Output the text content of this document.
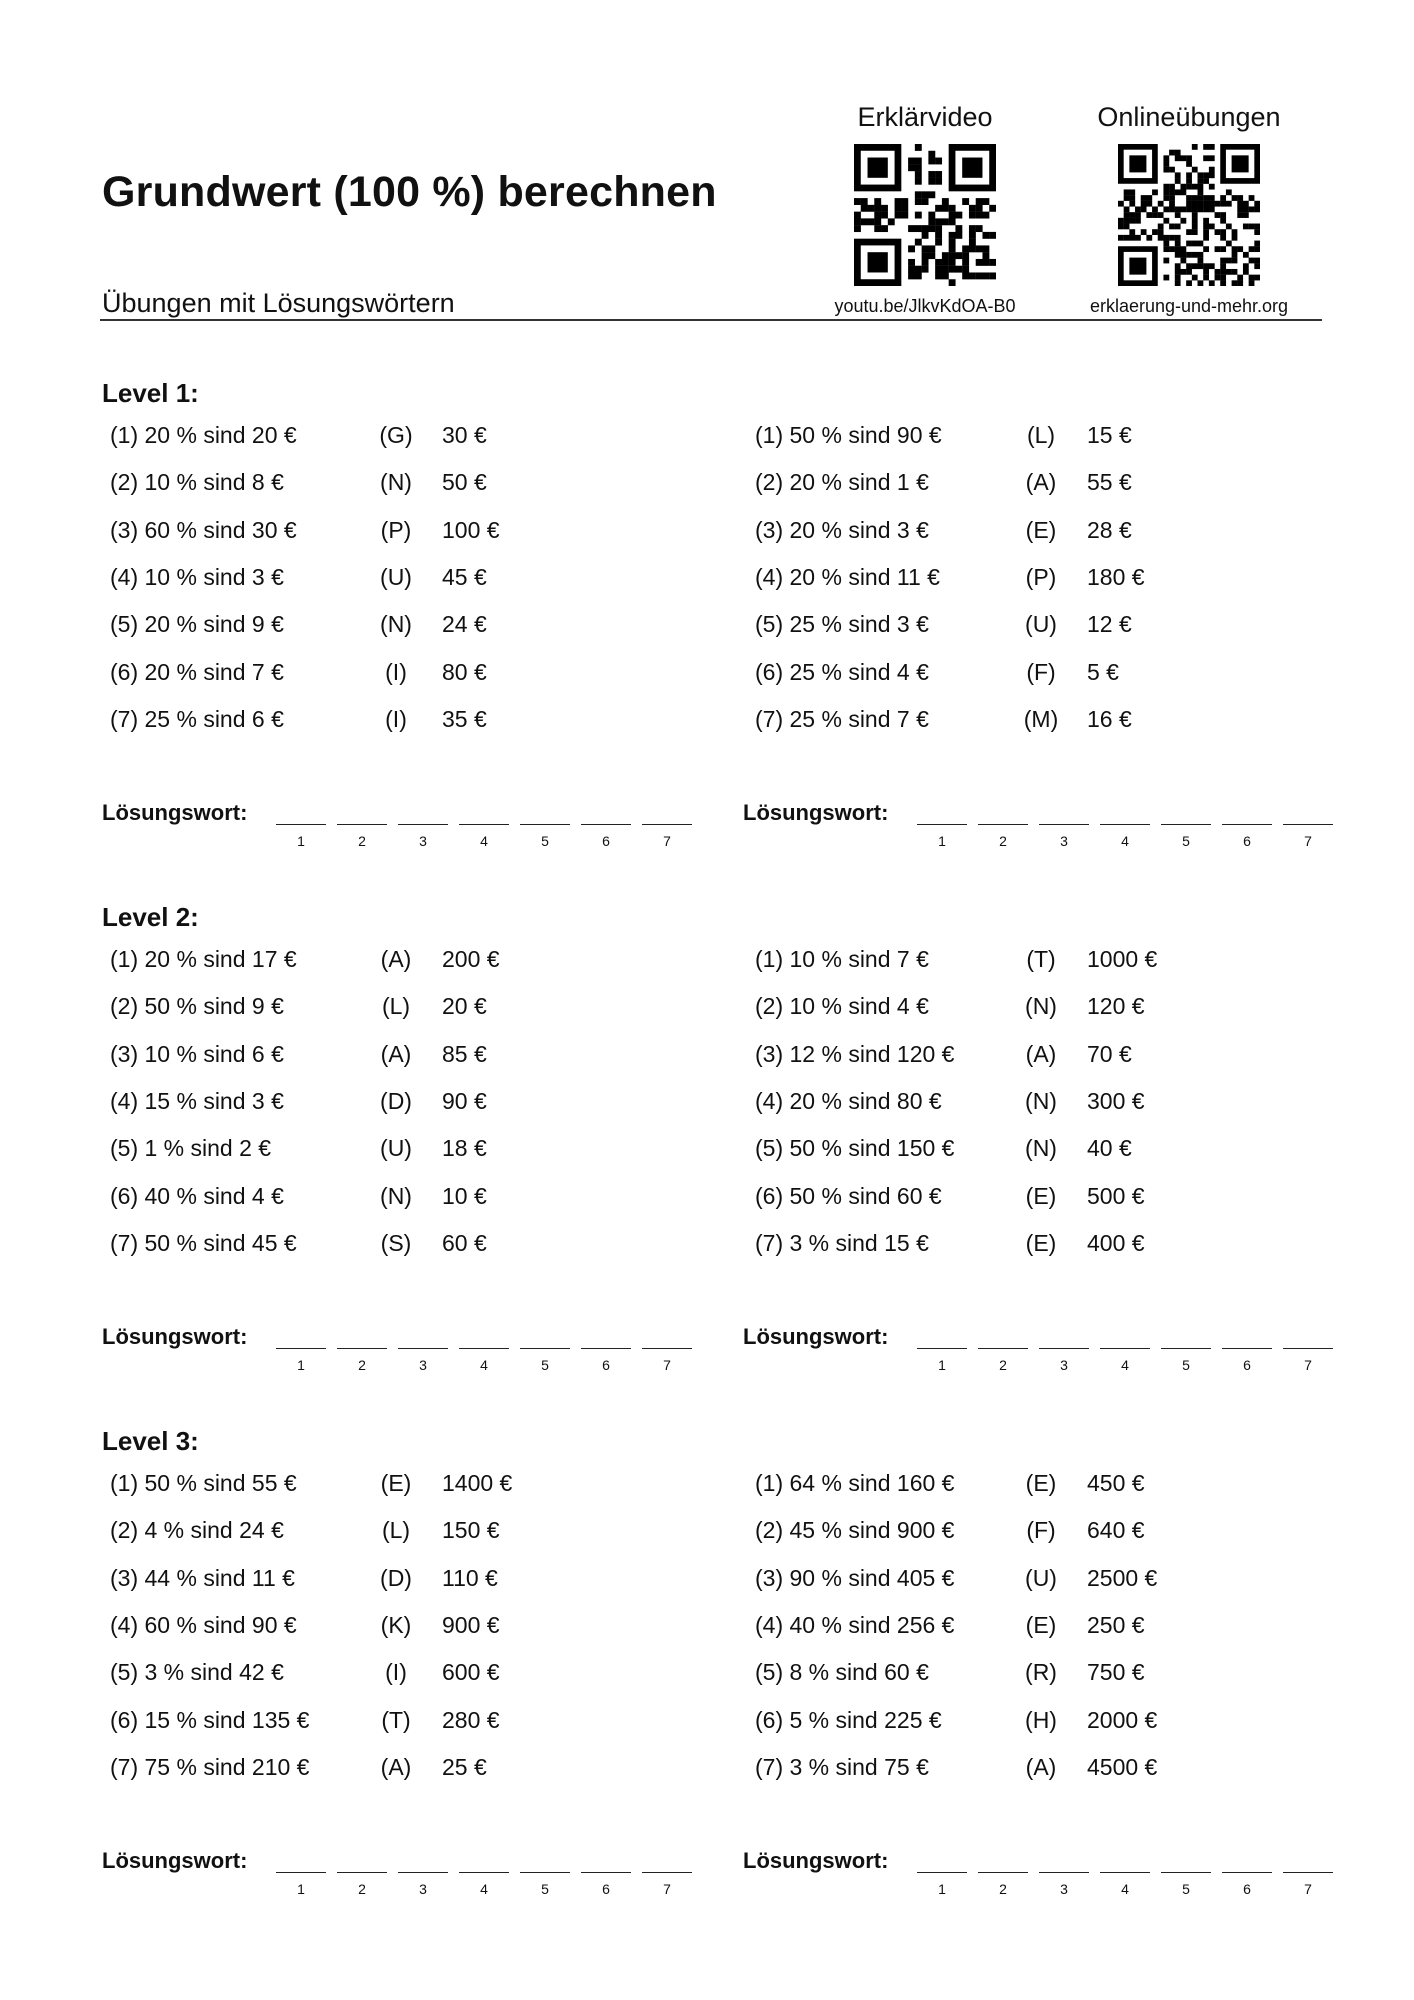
Grundwert (100 %) berechnen
Erklärvideo
youtu.be/JlkvKdOA-B0
Onlineübungen
erklaerung-und-mehr.org
Übungen mit Lösungswörtern
Level 1:
(1) 20 % sind 20 €	(G)	30 €
(2) 10 % sind 8 €	(N)	50 €
(3) 60 % sind 30 €	(P)	100 €
(4) 10 % sind 3 €	(U)	45 €
(5) 20 % sind 9 €	(N)	24 €
(6) 20 % sind 7 €	(I)	80 €
(7) 25 % sind 6 €	(I)	35 €
Lösungswort:
1	2	3	4	5	6	7
(1) 50 % sind 90 €	(L)	15 €
(2) 20 % sind 1 €	(A)	55 €
(3) 20 % sind 3 €	(E)	28 €
(4) 20 % sind 11 €	(P)	180 €
(5) 25 % sind 3 €	(U)	12 €
(6) 25 % sind 4 €	(F)	5 €
(7) 25 % sind 7 €	(M)	16 €
Lösungswort:
1	2	3	4	5	6	7
Level 2:
(1) 20 % sind 17 €	(A)	200 €
(2) 50 % sind 9 €	(L)	20 €
(3) 10 % sind 6 €	(A)	85 €
(4) 15 % sind 3 €	(D)	90 €
(5) 1 % sind 2 €	(U)	18 €
(6) 40 % sind 4 €	(N)	10 €
(7) 50 % sind 45 €	(S)	60 €
Lösungswort:
1	2	3	4	5	6	7
(1) 10 % sind 7 €	(T)	1000 €
(2) 10 % sind 4 €	(N)	120 €
(3) 12 % sind 120 €	(A)	70 €
(4) 20 % sind 80 €	(N)	300 €
(5) 50 % sind 150 €	(N)	40 €
(6) 50 % sind 60 €	(E)	500 €
(7) 3 % sind 15 €	(E)	400 €
Lösungswort:
1	2	3	4	5	6	7
Level 3:
(1) 50 % sind 55 €	(E)	1400 €
(2) 4 % sind 24 €	(L)	150 €
(3) 44 % sind 11 €	(D)	110 €
(4) 60 % sind 90 €	(K)	900 €
(5) 3 % sind 42 €	(I)	600 €
(6) 15 % sind 135 €	(T)	280 €
(7) 75 % sind 210 €	(A)	25 €
Lösungswort:
1	2	3	4	5	6	7
(1) 64 % sind 160 €	(E)	450 €
(2) 45 % sind 900 €	(F)	640 €
(3) 90 % sind 405 €	(U)	2500 €
(4) 40 % sind 256 €	(E)	250 €
(5) 8 % sind 60 €	(R)	750 €
(6) 5 % sind 225 €	(H)	2000 €
(7) 3 % sind 75 €	(A)	4500 €
Lösungswort:
1	2	3	4	5	6	7
